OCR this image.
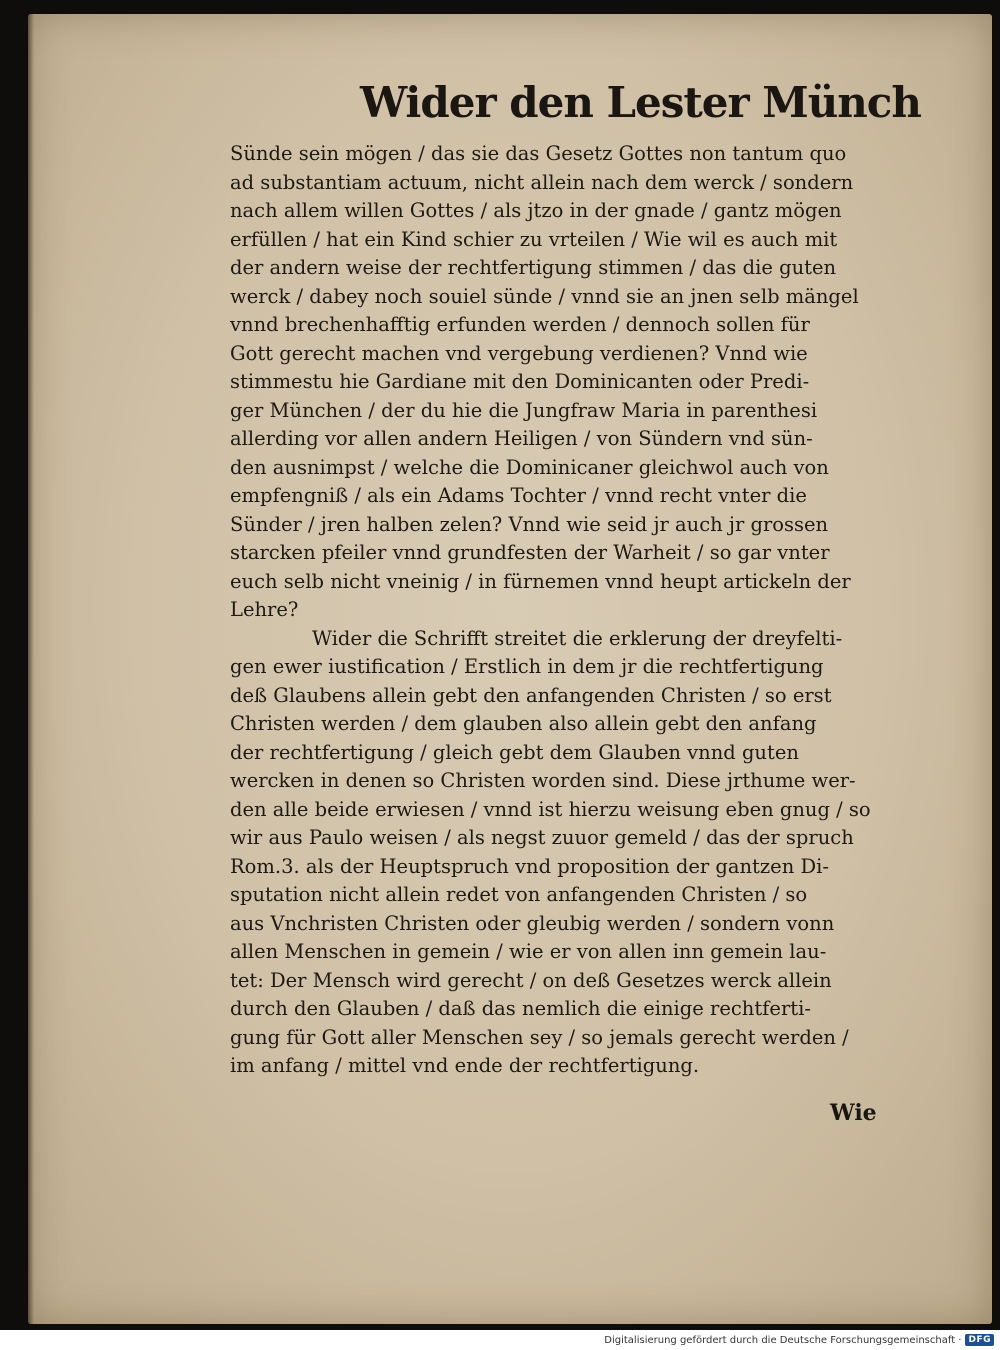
Wider den Lester Münch
Sünde sein mögen / das sie das Gesetz Gottes non tantum quo
ad substantiam actuum, nicht allein nach dem werck / sondern
nach allem willen Gottes / als jtzo in der gnade / gantz mögen
erfüllen / hat ein Kind schier zu vrteilen / Wie wil es auch mit
der andern weise der rechtfertigung stimmen / das die guten
werck / dabey noch souiel sünde / vnnd sie an jnen selb mängel
vnnd brechenhafftig erfunden werden / dennoch sollen für
Gott gerecht machen vnd vergebung verdienen? Vnnd wie
stimmestu hie Gardiane mit den Dominicanten oder Predi-
ger München / der du hie die Jungfraw Maria in parenthesi
allerding vor allen andern Heiligen / von Sündern vnd sün-
den ausnimpst / welche die Dominicaner gleichwol auch von
empfengniß / als ein Adams Tochter / vnnd recht vnter die
Sünder / jren halben zelen? Vnnd wie seid jr auch jr grossen
starcken pfeiler vnnd grundfesten der Warheit / so gar vnter
euch selb nicht vneinig / in fürnemen vnnd heupt artickeln der
Lehre?
Wider die Schrifft streitet die erklerung der dreyfelti-
gen ewer iustification / Erstlich in dem jr die rechtfertigung
deß Glaubens allein gebt den anfangenden Christen / so erst
Christen werden / dem glauben also allein gebt den anfang
der rechtfertigung / gleich gebt dem Glauben vnnd guten
wercken in denen so Christen worden sind. Diese jrthume wer-
den alle beide erwiesen / vnnd ist hierzu weisung eben gnug / so
wir aus Paulo weisen / als negst zuuor gemeld / das der spruch
Rom.3. als der Heuptspruch vnd proposition der gantzen Di-
sputation nicht allein redet von anfangenden Christen / so
aus Vnchristen Christen oder gleubig werden / sondern vonn
allen Menschen in gemein / wie er von allen inn gemein lau-
tet: Der Mensch wird gerecht / on deß Gesetzes werck allein
durch den Glauben / daß das nemlich die einige rechtferti-
gung für Gott aller Menschen sey / so jemals gerecht werden /
im anfang / mittel vnd ende der rechtfertigung.
Wie
Digitalisierung gefördert durch die Deutsche Forschungsgemeinschaft · DFG
